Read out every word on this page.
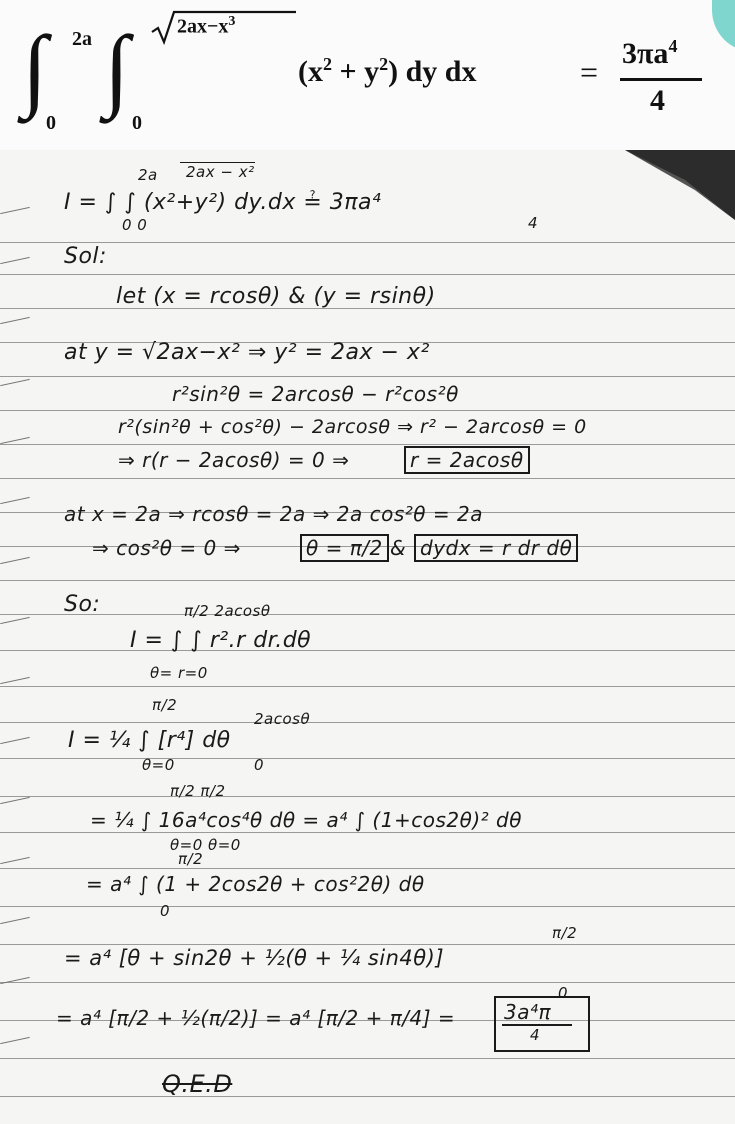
∫ 2a
0
∫
0
$2ax-x^3$
$(x^2 + y^2)$ dy dx	=
$3\pi a^4$
4
2a	2ax − x²
I = ∫ ∫ (x²+y²) dy.dx ≟ 3πa⁴
0 0	4
Sol:
let (x = rcosθ) & (y = rsinθ)
at y = √2ax−x² ⇒ y² = 2ax − x²
r²sin²θ = 2arcosθ − r²cos²θ
r²(sin²θ + cos²θ) − 2arcosθ ⇒ r² − 2arcosθ = 0
⇒ r(r − 2acosθ) = 0 ⇒	r = 2acosθ
at x = 2a ⇒ rcosθ = 2a ⇒ 2a cos²θ = 2a
⇒ cos²θ = 0 ⇒	θ = π/2 & dydx = r dr dθ
So:	π/2 2acosθ
I = ∫ ∫ r².r dr.dθ
θ= r=0
π/2
2acosθ
I = ¼ ∫ [r⁴] dθ
θ=0	0
π/2 π/2
= ¼ ∫ 16a⁴cos⁴θ dθ = a⁴ ∫ (1+cos2θ)² dθ
θ=0 θ=0
π/2
= a⁴ ∫ (1 + 2cos2θ + cos²2θ) dθ
0
π/2
= a⁴ [θ + sin2θ + ½(θ + ¼ sin4θ)]
0
= a⁴ [π/2 + ½(π/2)] = a⁴ [π/2 + π/4] = 3a⁴π
4
Q.E.D
